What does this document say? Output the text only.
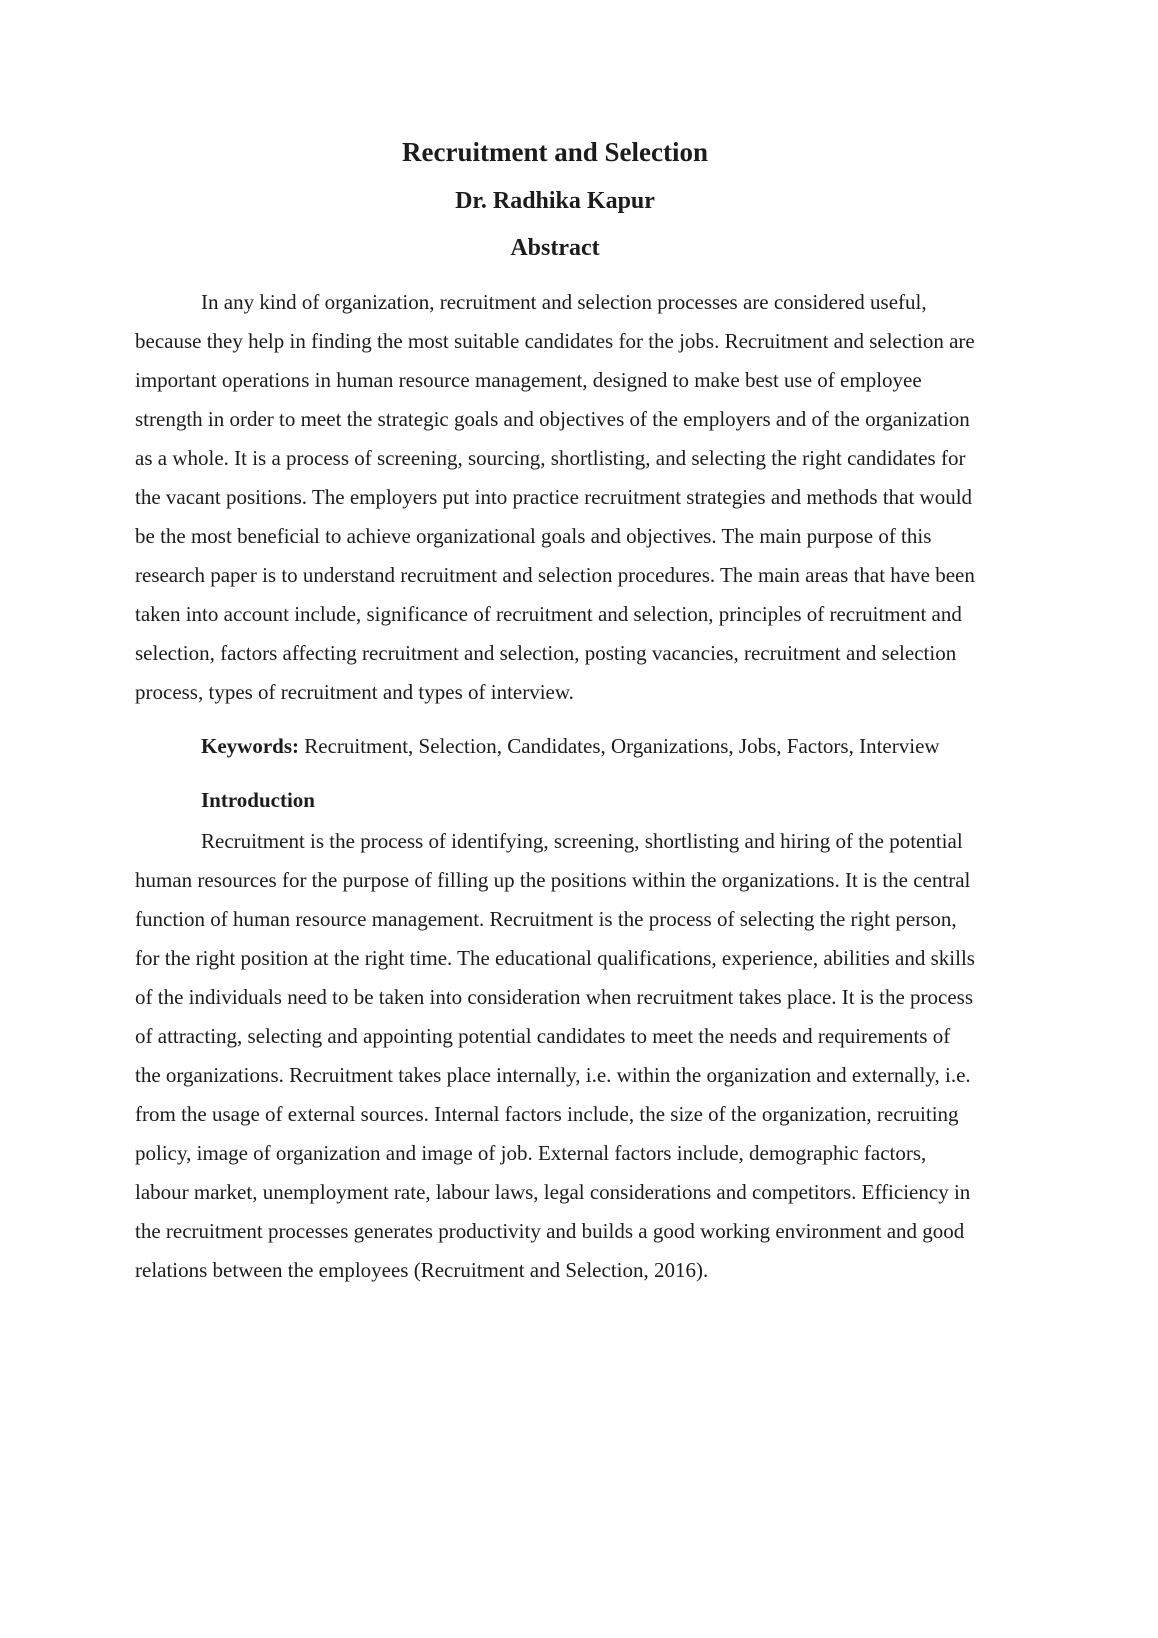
Recruitment and Selection
Dr. Radhika Kapur
Abstract

In any kind of organization, recruitment and selection processes are considered useful, because they help in finding the most suitable candidates for the jobs. Recruitment and selection are important operations in human resource management, designed to make best use of employee strength in order to meet the strategic goals and objectives of the employers and of the organization as a whole. It is a process of screening, sourcing, shortlisting, and selecting the right candidates for the vacant positions. The employers put into practice recruitment strategies and methods that would be the most beneficial to achieve organizational goals and objectives. The main purpose of this research paper is to understand recruitment and selection procedures. The main areas that have been taken into account include, significance of recruitment and selection, principles of recruitment and selection, factors affecting recruitment and selection, posting vacancies, recruitment and selection process, types of recruitment and types of interview.

Keywords: Recruitment, Selection, Candidates, Organizations, Jobs, Factors, Interview

Introduction

Recruitment is the process of identifying, screening, shortlisting and hiring of the potential human resources for the purpose of filling up the positions within the organizations. It is the central function of human resource management. Recruitment is the process of selecting the right person, for the right position at the right time. The educational qualifications, experience, abilities and skills of the individuals need to be taken into consideration when recruitment takes place. It is the process of attracting, selecting and appointing potential candidates to meet the needs and requirements of the organizations. Recruitment takes place internally, i.e. within the organization and externally, i.e. from the usage of external sources. Internal factors include, the size of the organization, recruiting policy, image of organization and image of job. External factors include, demographic factors, labour market, unemployment rate, labour laws, legal considerations and competitors. Efficiency in the recruitment processes generates productivity and builds a good working environment and good relations between the employees (Recruitment and Selection, 2016).
